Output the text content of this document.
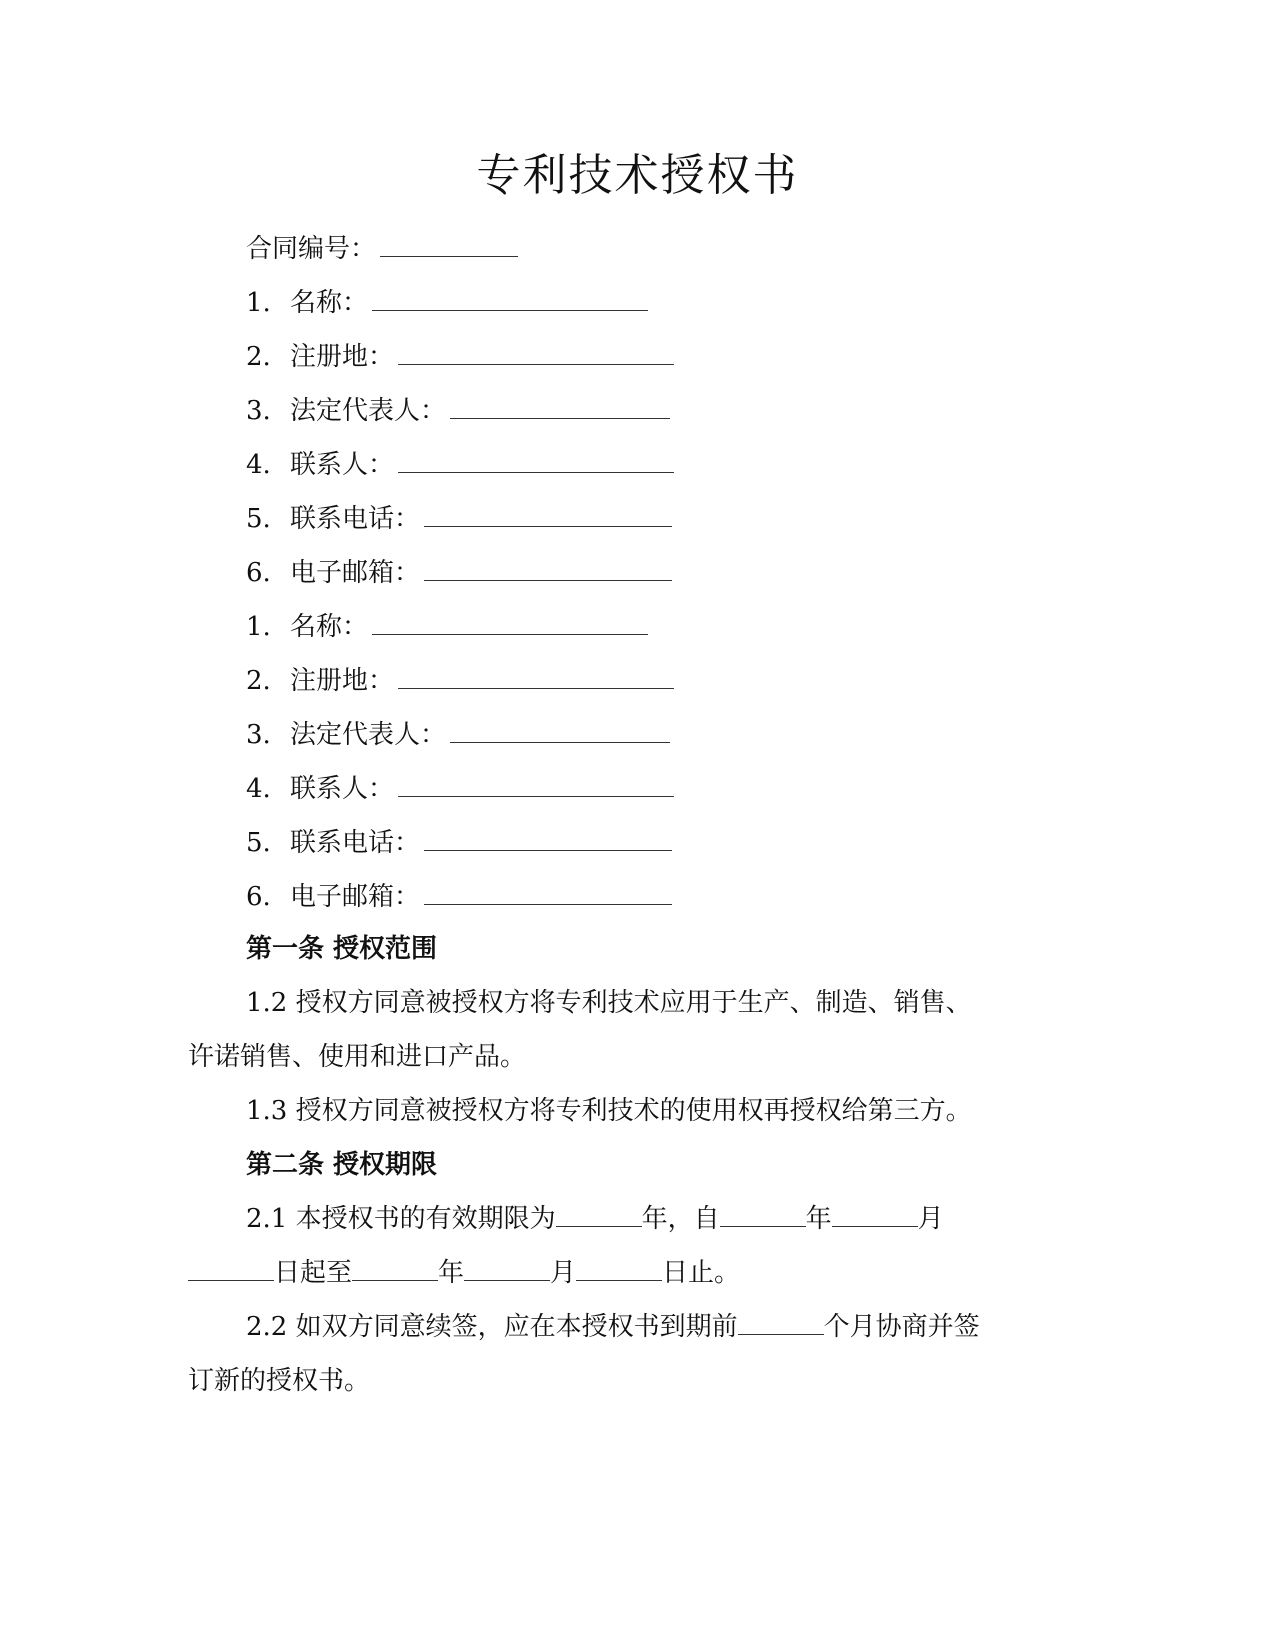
专利技术授权书
合同编号：
1. 名称：
2. 注册地：
3. 法定代表人：
4. 联系人：
5. 联系电话：
6. 电子邮箱：
1. 名称：
2. 注册地：
3. 法定代表人：
4. 联系人：
5. 联系电话：
6. 电子邮箱：
第一条 授权范围
1.2 授权方同意被授权方将专利技术应用于生产、制造、销售、
许诺销售、使用和进口产品。
1.3 授权方同意被授权方将专利技术的使用权再授权给第三方。
第二条 授权期限
2.1 本授权书的有效期限为	年，自	年	月
日起至	年	月	日止。
2.2 如双方同意续签，应在本授权书到期前	个月协商并签
订新的授权书。
